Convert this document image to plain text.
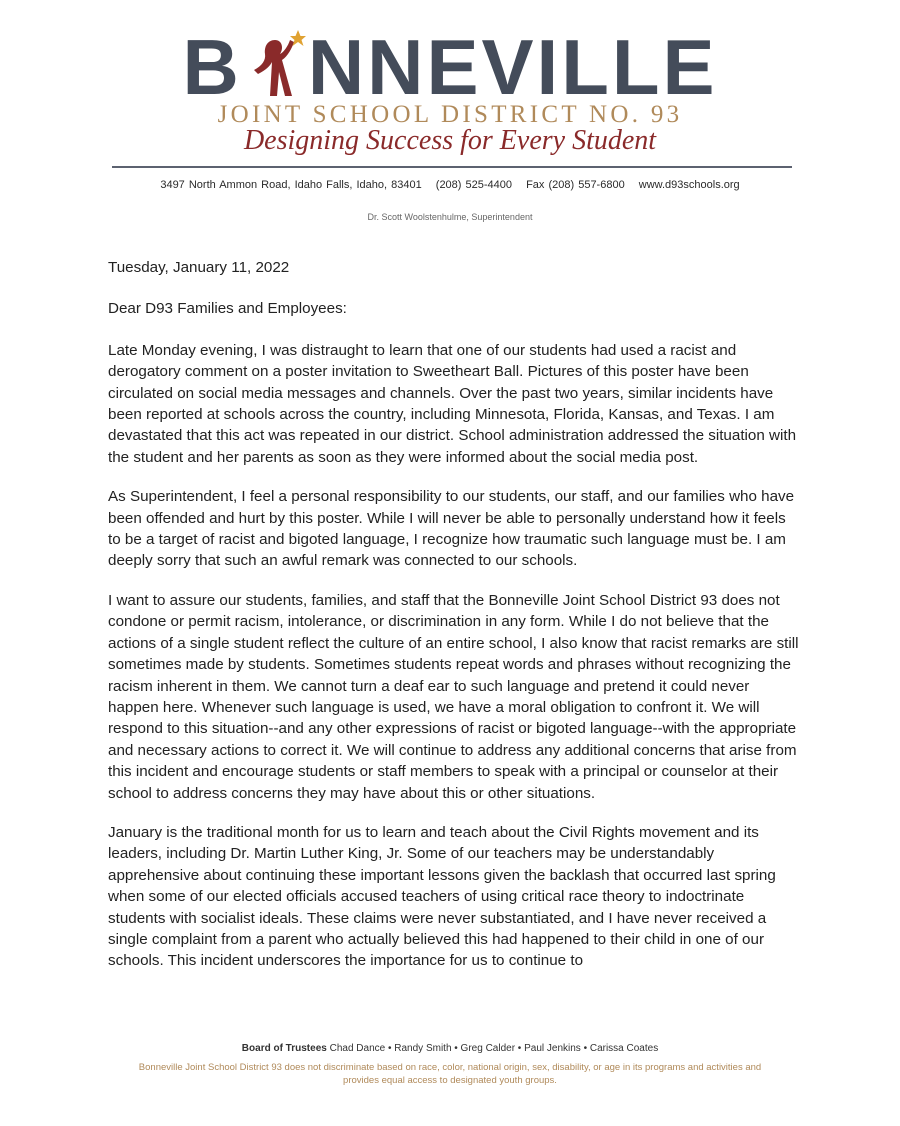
B NNEVILLE
JOINT SCHOOL DISTRICT NO. 93
Designing Success for Every Student
3497 North Ammon Road, Idaho Falls, Idaho, 83401 (208) 525-4400 Fax (208) 557-6800 www.d93schools.org
Dr. Scott Woolstenhulme, Superintendent

Tuesday, January 11, 2022

Dear D93 Families and Employees:

Late Monday evening, I was distraught to learn that one of our students had used a racist and derogatory comment on a poster invitation to Sweetheart Ball. Pictures of this poster have been circulated on social media messages and channels. Over the past two years, similar incidents have been reported at schools across the country, including Minnesota, Florida, Kansas, and Texas. I am devastated that this act was repeated in our district. School administration addressed the situation with the student and her parents as soon as they were informed about the social media post.

As Superintendent, I feel a personal responsibility to our students, our staff, and our families who have been offended and hurt by this poster. While I will never be able to personally understand how it feels to be a target of racist and bigoted language, I recognize how traumatic such language must be. I am deeply sorry that such an awful remark was connected to our schools.

I want to assure our students, families, and staff that the Bonneville Joint School District 93 does not condone or permit racism, intolerance, or discrimination in any form. While I do not believe that the actions of a single student reflect the culture of an entire school, I also know that racist remarks are still sometimes made by students. Sometimes students repeat words and phrases without recognizing the racism inherent in them. We cannot turn a deaf ear to such language and pretend it could never happen here. Whenever such language is used, we have a moral obligation to confront it. We will respond to this situation--and any other expressions of racist or bigoted language--with the appropriate and necessary actions to correct it. We will continue to address any additional concerns that arise from this incident and encourage students or staff members to speak with a principal or counselor at their school to address concerns they may have about this or other situations.

January is the traditional month for us to learn and teach about the Civil Rights movement and its leaders, including Dr. Martin Luther King, Jr. Some of our teachers may be understandably apprehensive about continuing these important lessons given the backlash that occurred last spring when some of our elected officials accused teachers of using critical race theory to indoctrinate students with socialist ideals. These claims were never substantiated, and I have never received a single complaint from a parent who actually believed this had happened to their child in one of our schools. This incident underscores the importance for us to continue to

Board of Trustees Chad Dance • Randy Smith • Greg Calder • Paul Jenkins • Carissa Coates
Bonneville Joint School District 93 does not discriminate based on race, color, national origin, sex, disability, or age in its programs and activities and provides equal access to designated youth groups.
